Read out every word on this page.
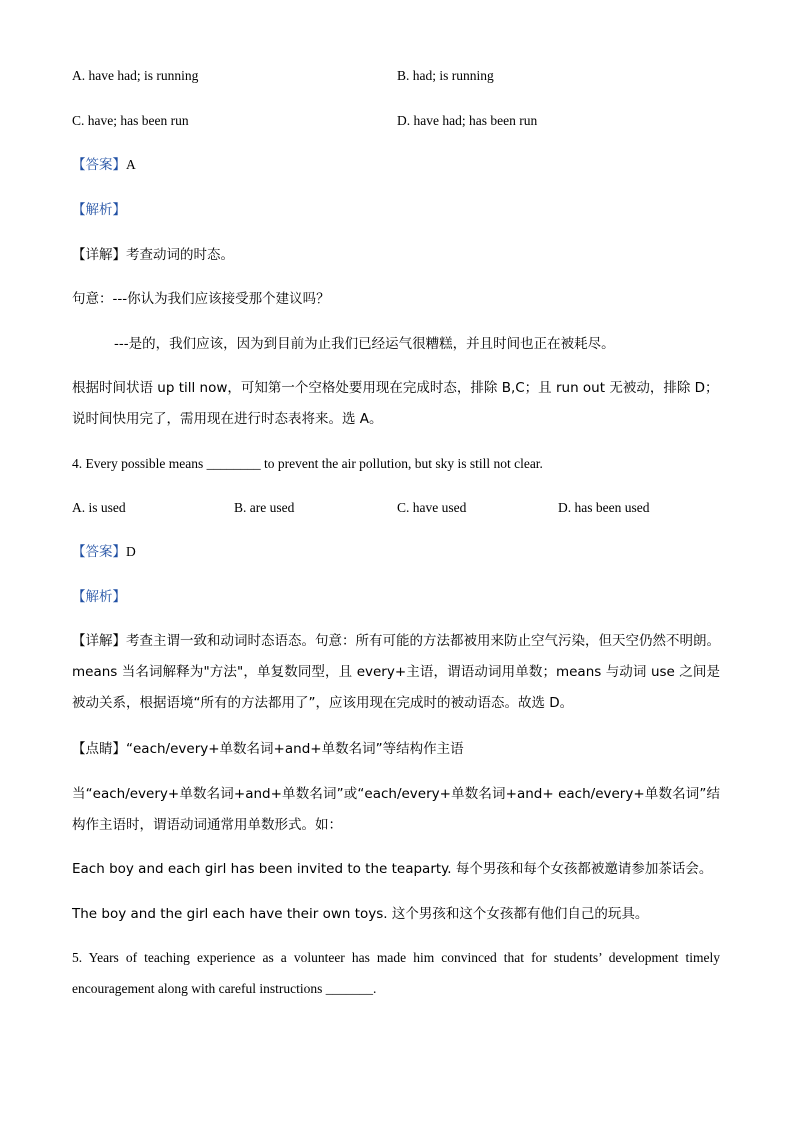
A. have had; is running	B. had; is running
C. have; has been run	D. have had; has been run
【答案】A
【解析】
【详解】考查动词的时态。
句意：---你认为我们应该接受那个建议吗？
---是的，我们应该，因为到目前为止我们已经运气很糟糕，并且时间也正在被耗尽。
根据时间状语 up till now，可知第一个空格处要用现在完成时态，排除 B,C；且 run out 无被动，排除 D；
说时间快用完了，需用现在进行时态表将来。选 A。
4. Every possible means ________ to prevent the air pollution, but sky is still not clear.
A. is used	B. are used	C. have used	D. has been used
【答案】D
【解析】
【详解】考查主谓一致和动词时态语态。句意：所有可能的方法都被用来防止空气污染，但天空仍然不明朗。means 当名词解释为"方法"，单复数同型，且 every+主语，谓语动词用单数；means 与动词 use 之间是被动关系，根据语境“所有的方法都用了”，应该用现在完成时的被动语态。故选 D。
【点睛】“each/every+单数名词+and+单数名词”等结构作主语
当“each/every+单数名词+and+单数名词”或“each/every+单数名词+and+ each/every+单数名词”结构作主语时，谓语动词通常用单数形式。如：
Each boy and each girl has been invited to the teaparty. 每个男孩和每个女孩都被邀请参加茶话会。
The boy and the girl each have their own toys. 这个男孩和这个女孩都有他们自己的玩具。
5. Years of teaching experience as a volunteer has made him convinced that for students’ development timely encouragement along with careful instructions _______.
